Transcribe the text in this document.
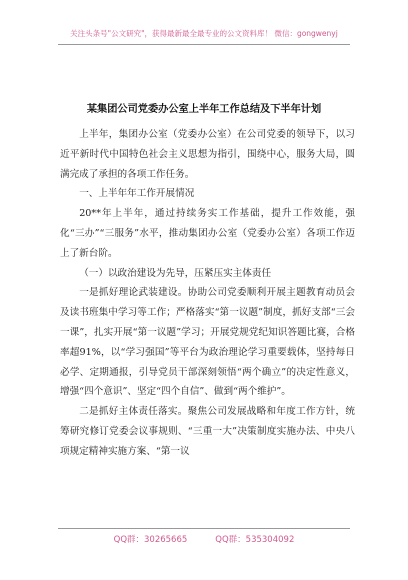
关注头条号"公文研究"，获得最新最全最专业的公文资料库！ 微信：gongwenyj
某集团公司党委办公室上半年工作总结及下半年计划

上半年，集团办公室（党委办公室）在公司党委的领导下，以习近平新时代中国特色社会主义思想为指引，围绕中心，服务大局，圆满完成了承担的各项工作任务。

一、上半年年工作开展情况

20**年上半年，通过持续务实工作基础，提升工作效能，强化“三办”“三服务”水平，推动集团办公室（党委办公室）各项工作迈上了新台阶。

（一）以政治建设为先导，压紧压实主体责任

一是抓好理论武装建设。协助公司党委顺利开展主题教育动员会及读书班集中学习等工作；严格落实“第一议题”制度，抓好支部“三会一课”，扎实开展“第一议题”学习；开展党规党纪知识答题比赛，合格率超91%，以“学习强国”等平台为政治理论学习重要载体，坚持每日必学、定期通报，引导党员干部深刻领悟“两个确立”的决定性意义，增强“四个意识”、坚定“四个自信”、做到“两个维护”。

二是抓好主体责任落实。聚焦公司发展战略和年度工作方针，统筹研究修订党委会议事规则、“三重一大”决策制度实施办法、中央八项规定精神实施方案、“第一议

QQ群：30265665	QQ群：535304092
